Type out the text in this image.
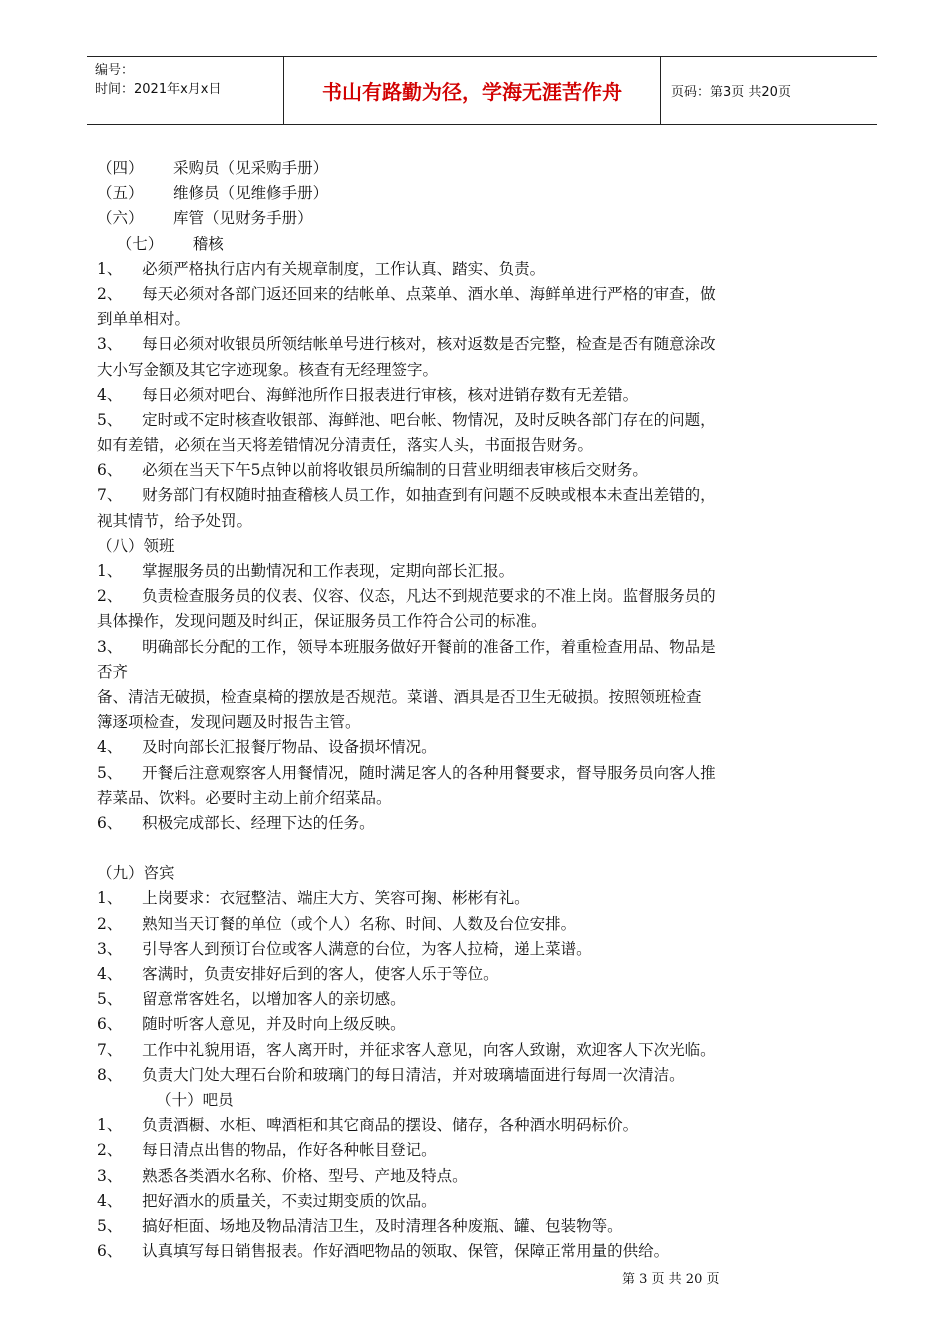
编号：
时间：2021年x月x日	书山有路勤为径，学海无涯苦作舟	页码：第3页 共20页
（四）      采购员（见采购手册）
（五）      维修员（见维修手册）
（六）      库管（见财务手册）
（七）      稽核
1、    必须严格执行店内有关规章制度，工作认真、踏实、负责。
2、    每天必须对各部门返还回来的结帐单、点菜单、酒水单、海鲜单进行严格的审查，做
到单单相对。
3、    每日必须对收银员所领结帐单号进行核对，核对返数是否完整，检查是否有随意涂改
大小写金额及其它字迹现象。核查有无经理签字。
4、    每日必须对吧台、海鲜池所作日报表进行审核，核对进销存数有无差错。
5、    定时或不定时核查收银部、海鲜池、吧台帐、物情况，及时反映各部门存在的问题，
如有差错，必须在当天将差错情况分清责任，落实人头，书面报告财务。
6、    必须在当天下午5点钟以前将收银员所编制的日营业明细表审核后交财务。
7、    财务部门有权随时抽查稽核人员工作，如抽查到有问题不反映或根本未查出差错的，
视其情节，给予处罚。
（八）领班
1、    掌握服务员的出勤情况和工作表现，定期向部长汇报。
2、    负责检查服务员的仪表、仪容、仪态，凡达不到规范要求的不准上岗。监督服务员的
具体操作，发现问题及时纠正，保证服务员工作符合公司的标准。
3、    明确部长分配的工作，领导本班服务做好开餐前的准备工作，着重检查用品、物品是
否齐
备、清洁无破损，检查桌椅的摆放是否规范。菜谱、酒具是否卫生无破损。按照领班检查
簿逐项检查，发现问题及时报告主管。
4、    及时向部长汇报餐厅物品、设备损坏情况。
5、    开餐后注意观察客人用餐情况，随时满足客人的各种用餐要求，督导服务员向客人推
荐菜品、饮料。必要时主动上前介绍菜品。
6、    积极完成部长、经理下达的任务。
（九）咨宾
1、    上岗要求：衣冠整洁、端庄大方、笑容可掬、彬彬有礼。
2、    熟知当天订餐的单位（或个人）名称、时间、人数及台位安排。
3、    引导客人到预订台位或客人满意的台位，为客人拉椅，递上菜谱。
4、    客满时，负责安排好后到的客人，使客人乐于等位。
5、    留意常客姓名，以增加客人的亲切感。
6、    随时听客人意见，并及时向上级反映。
7、    工作中礼貌用语，客人离开时，并征求客人意见，向客人致谢，欢迎客人下次光临。
8、    负责大门处大理石台阶和玻璃门的每日清洁，并对玻璃墙面进行每周一次清洁。
（十）吧员
1、    负责酒橱、水柜、啤酒柜和其它商品的摆设、储存，各种酒水明码标价。
2、    每日清点出售的物品，作好各种帐目登记。
3、    熟悉各类酒水名称、价格、型号、产地及特点。
4、    把好酒水的质量关，不卖过期变质的饮品。
5、    搞好柜面、场地及物品清洁卫生，及时清理各种废瓶、罐、包装物等。
6、    认真填写每日销售报表。作好酒吧物品的领取、保管，保障正常用量的供给。
第 3 页 共 20 页
